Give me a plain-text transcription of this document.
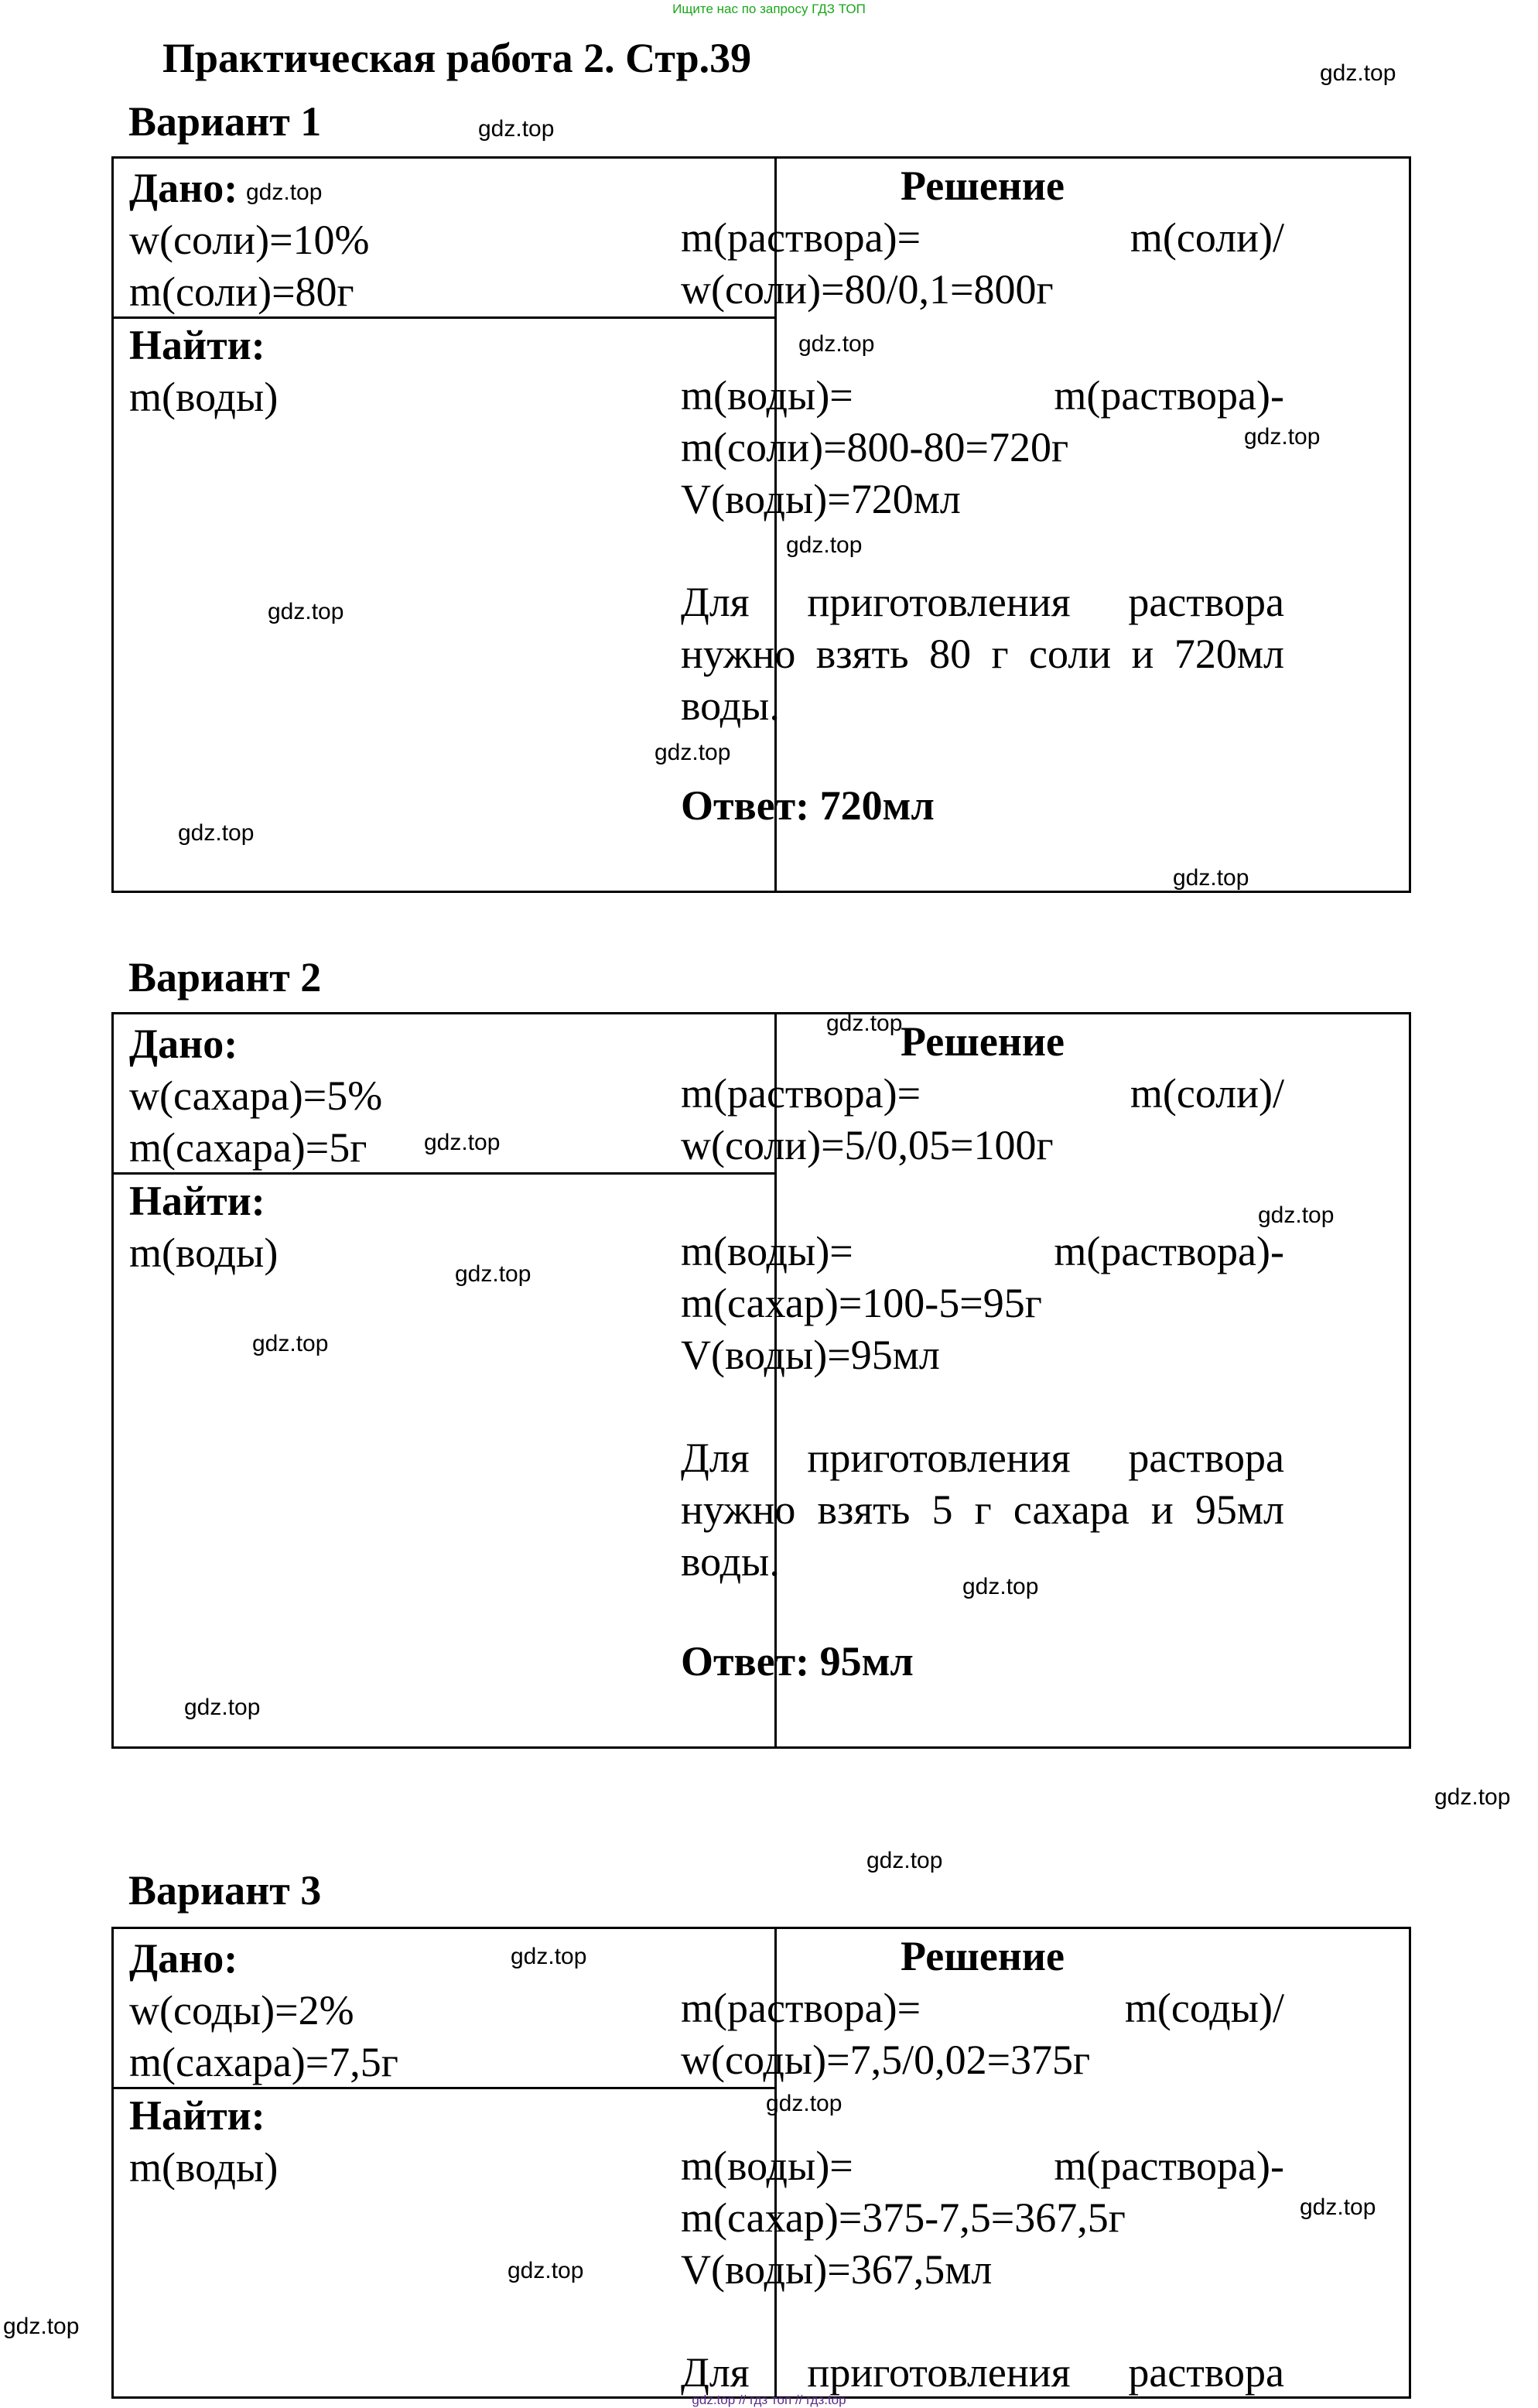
Ищите нас по запросу ГДЗ ТОП
Практическая работа 2. Стр.39
Вариант 1
Дано:
w(соли)=10%
m(соли)=80г
Найти:
m(воды)
Решение
m(раствора)=	m(соли)/
w(соли)=80/0,1=800г
m(воды)=	m(раствора)-
m(соли)=800-80=720г
V(воды)=720мл
Для приготовления раствора
нужно взять 80 г соли и 720мл
воды.
Ответ: 720мл
Вариант 2
Дано:
w(сахара)=5%
m(сахара)=5г
Найти:
m(воды)
Решение
m(раствора)=	m(соли)/
w(соли)=5/0,05=100г
m(воды)=	m(раствора)-
m(сахар)=100-5=95г
V(воды)=95мл
Для приготовления раствора
нужно взять 5 г сахара и 95мл
воды.
Ответ: 95мл
Вариант 3
Дано:
w(соды)=2%
m(сахара)=7,5г
Найти:
m(воды)
Решение
m(раствора)=	m(соды)/
w(соды)=7,5/0,02=375г
m(воды)=	m(раствора)-
m(сахар)=375-7,5=367,5г
V(воды)=367,5мл
Для приготовления раствора
gdz.top
gdz.top
gdz.top
gdz.top
gdz.top
gdz.top
gdz.top
gdz.top
gdz.top
gdz.top
gdz.top
gdz.top
gdz.top
gdz.top
gdz.top
gdz.top
gdz.top
gdz.top
gdz.top
gdz.top
gdz.top
gdz.top
gdz.top
gdz.top
gdz.top // гдз топ // гдз.top
